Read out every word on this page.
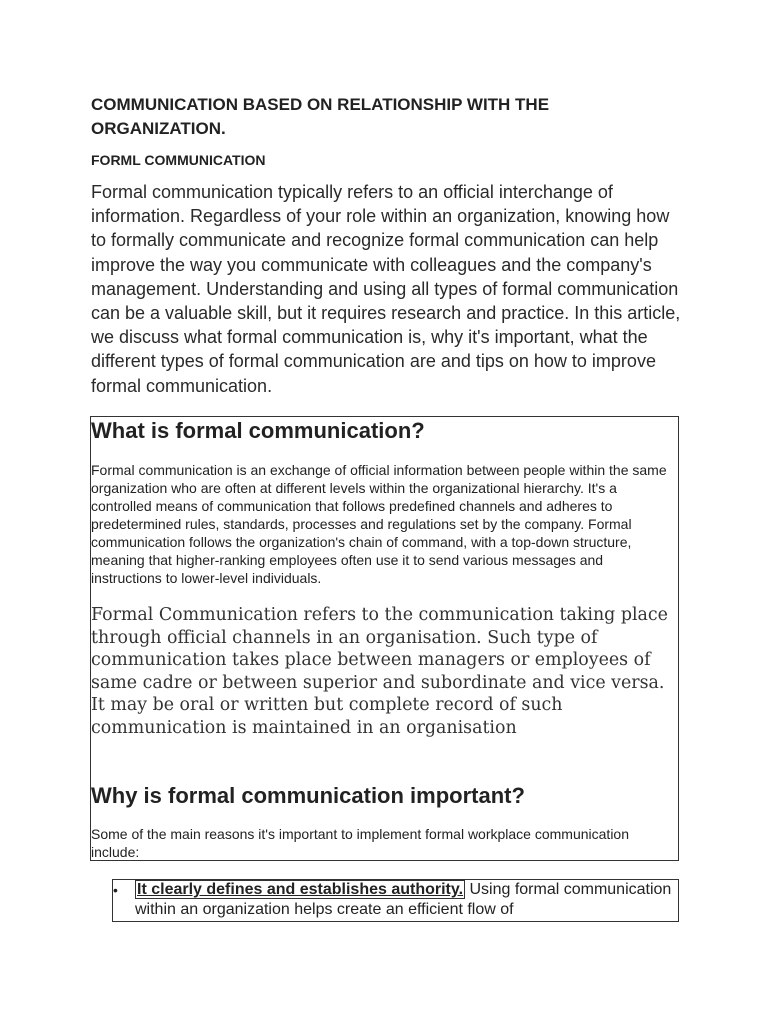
COMMUNICATION BASED ON RELATIONSHIP WITH THE ORGANIZATION.
FORML COMMUNICATION

Formal communication typically refers to an official interchange of information. Regardless of your role within an organization, knowing how to formally communicate and recognize formal communication can help improve the way you communicate with colleagues and the company's management. Understanding and using all types of formal communication can be a valuable skill, but it requires research and practice. In this article, we discuss what formal communication is, why it's important, what the different types of formal communication are and tips on how to improve formal communication.

What is formal communication?

Formal communication is an exchange of official information between people within the same organization who are often at different levels within the organizational hierarchy. It's a controlled means of communication that follows predefined channels and adheres to predetermined rules, standards, processes and regulations set by the company. Formal communication follows the organization's chain of command, with a top-down structure, meaning that higher-ranking employees often use it to send various messages and instructions to lower-level individuals.

Formal Communication refers to the communication taking place through official channels in an organisation. Such type of communication takes place between managers or employees of same cadre or between superior and subordinate and vice versa. It may be oral or written but complete record of such communication is maintained in an organisation

Why is formal communication important?

Some of the main reasons it's important to implement formal workplace communication include:

• It clearly defines and establishes authority. Using formal communication within an organization helps create an efficient flow of
